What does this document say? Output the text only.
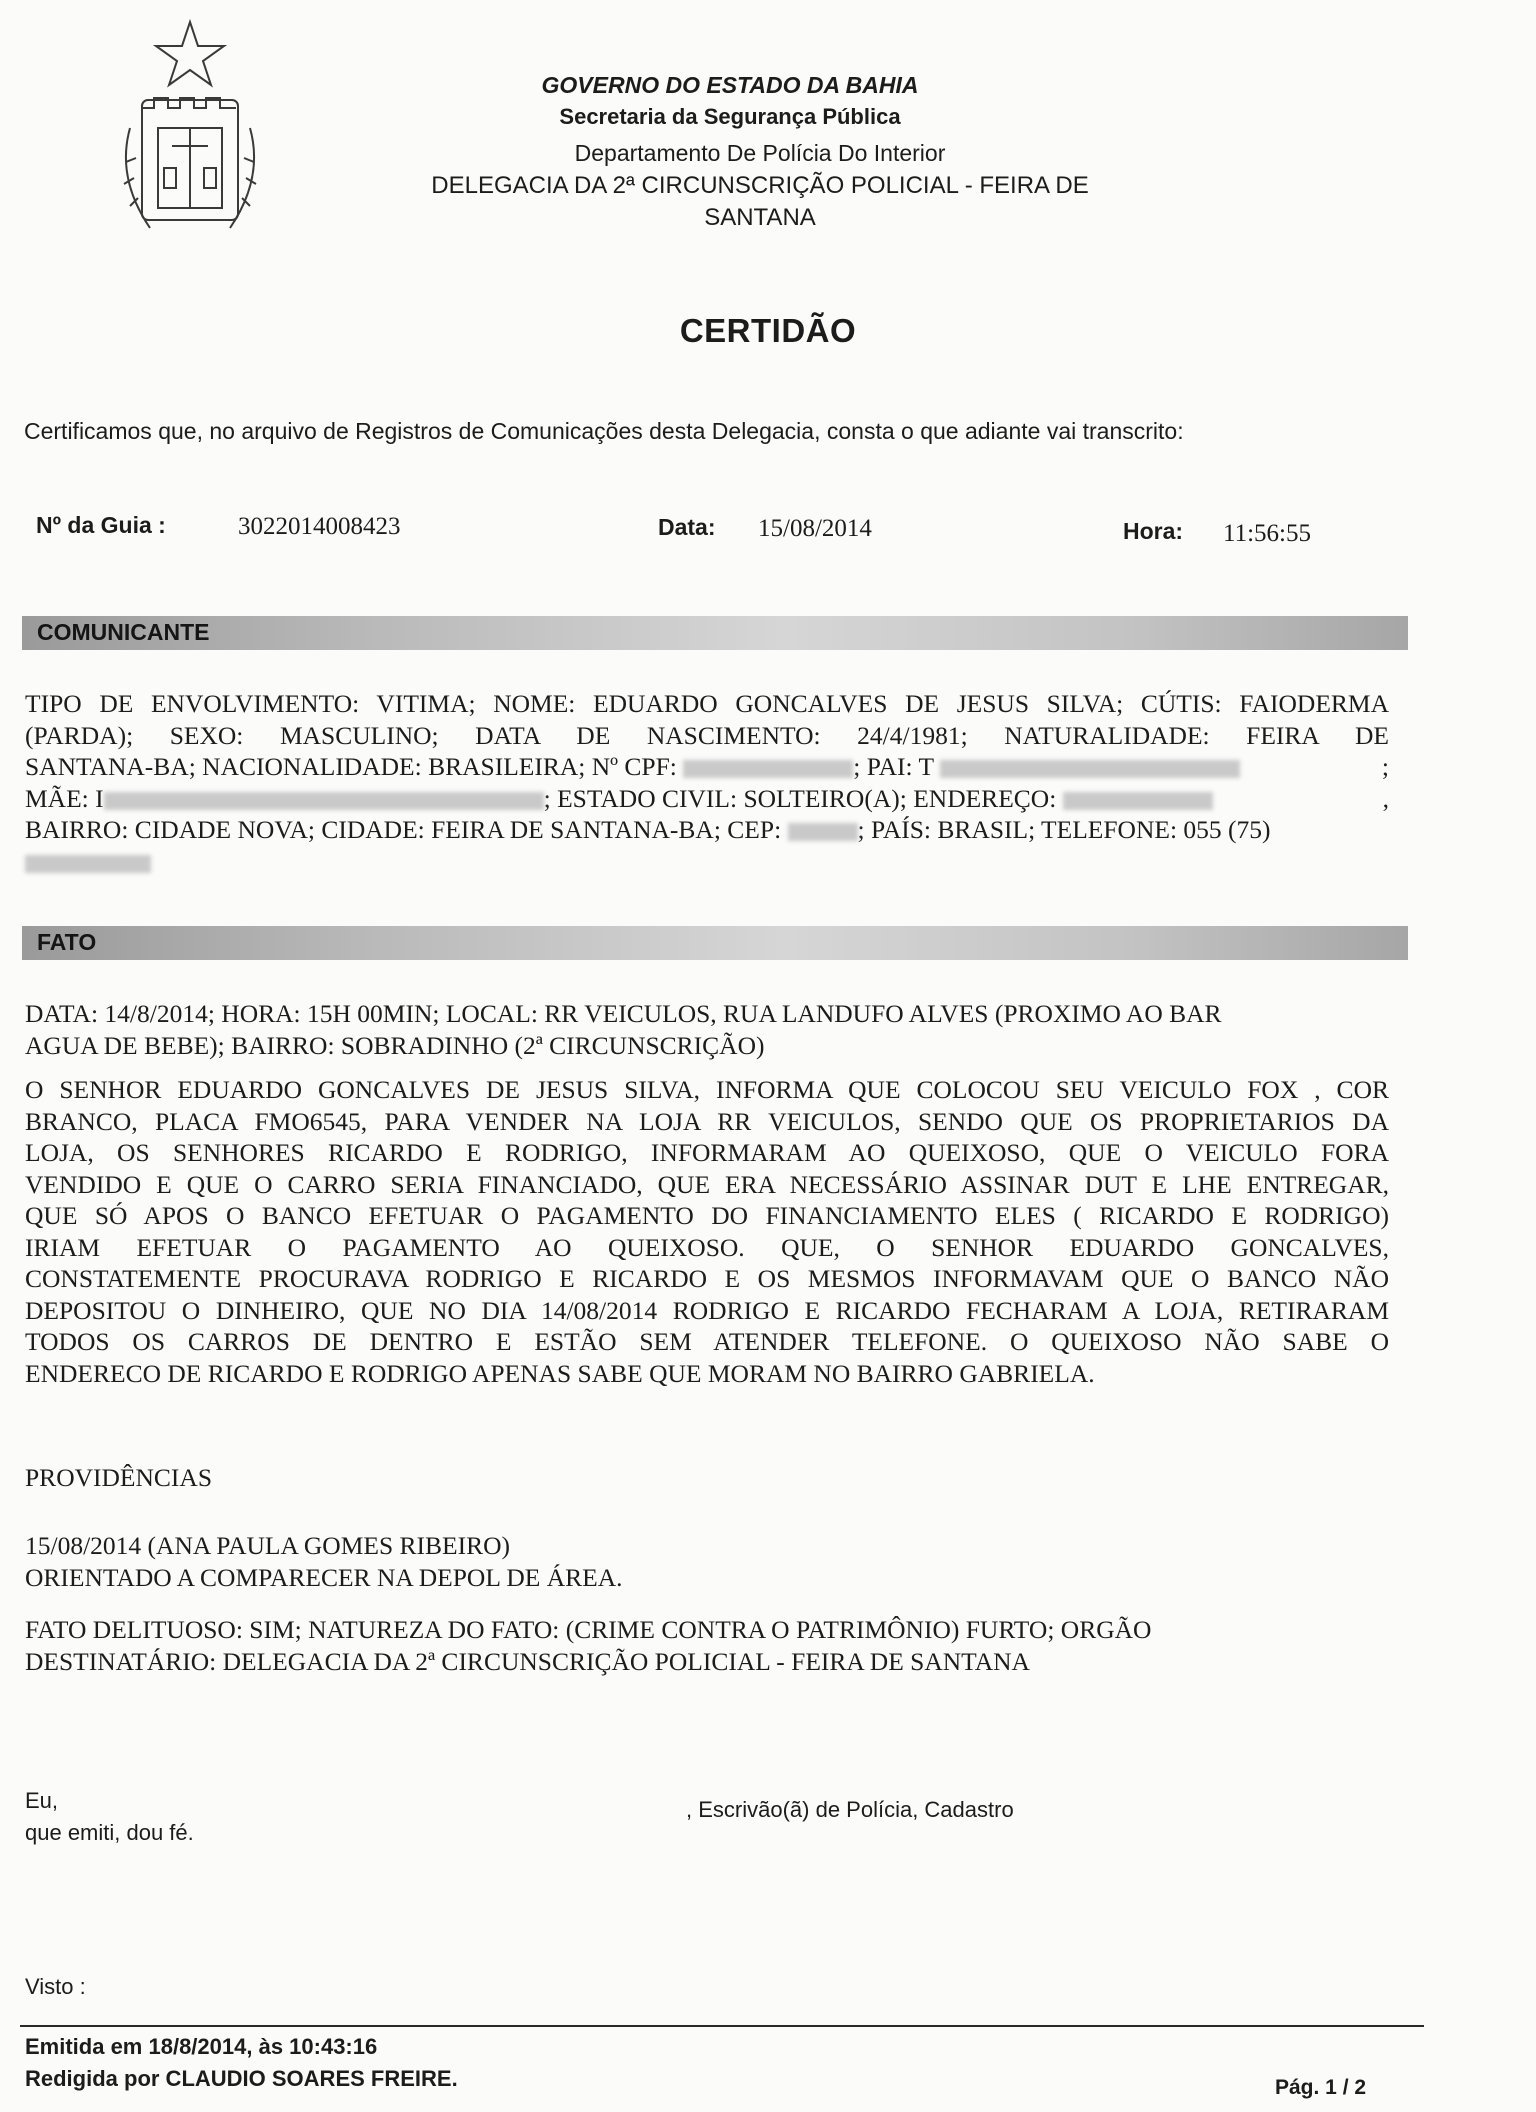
GOVERNO DO ESTADO DA BAHIA
Secretaria da Segurança Pública
Departamento De Polícia Do Interior
DELEGACIA DA 2ª CIRCUNSCRIÇÃO POLICIAL - FEIRA DE
SANTANA
CERTIDÃO
Certificamos que, no arquivo de Registros de Comunicações desta Delegacia, consta o que adiante vai transcrito:
Nº da Guia :	3022014008423	Data: 15/08/2014	Hora: 11:56:55
COMUNICANTE
TIPO DE ENVOLVIMENTO: VITIMA; NOME: EDUARDO GONCALVES DE JESUS SILVA; CÚTIS: FAIODERMA
(PARDA); SEXO: MASCULINO; DATA DE NASCIMENTO: 24/4/1981; NATURALIDADE: FEIRA DE
SANTANA-BA; NACIONALIDADE: BRASILEIRA; Nº CPF:	; PAI: T	;
MÃE: I	; ESTADO CIVIL: SOLTEIRO(A); ENDEREÇO:	,
BAIRRO: CIDADE NOVA; CIDADE: FEIRA DE SANTANA-BA; CEP:	; PAÍS: BRASIL; TELEFONE: 055 (75)
FATO
DATA: 14/8/2014; HORA: 15H 00MIN; LOCAL: RR VEICULOS, RUA LANDUFO ALVES (PROXIMO AO BAR
AGUA DE BEBE); BAIRRO: SOBRADINHO (2ª CIRCUNSCRIÇÃO)
O SENHOR EDUARDO GONCALVES DE JESUS SILVA, INFORMA QUE COLOCOU SEU VEICULO FOX , COR
BRANCO, PLACA FMO6545, PARA VENDER NA LOJA RR VEICULOS, SENDO QUE OS PROPRIETARIOS DA
LOJA, OS SENHORES RICARDO E RODRIGO, INFORMARAM AO QUEIXOSO, QUE O VEICULO FORA
VENDIDO E QUE O CARRO SERIA FINANCIADO, QUE ERA NECESSÁRIO ASSINAR DUT E LHE ENTREGAR,
QUE SÓ APOS O BANCO EFETUAR O PAGAMENTO DO FINANCIAMENTO ELES ( RICARDO E RODRIGO)
IRIAM EFETUAR O PAGAMENTO AO QUEIXOSO. QUE, O SENHOR EDUARDO GONCALVES,
CONSTATEMENTE PROCURAVA RODRIGO E RICARDO E OS MESMOS INFORMAVAM QUE O BANCO NÃO
DEPOSITOU O DINHEIRO, QUE NO DIA 14/08/2014 RODRIGO E RICARDO FECHARAM A LOJA, RETIRARAM
TODOS OS CARROS DE DENTRO E ESTÃO SEM ATENDER TELEFONE. O QUEIXOSO NÃO SABE O
ENDERECO DE RICARDO E RODRIGO APENAS SABE QUE MORAM NO BAIRRO GABRIELA.
PROVIDÊNCIAS
15/08/2014 (ANA PAULA GOMES RIBEIRO)
ORIENTADO A COMPARECER NA DEPOL DE ÁREA.
FATO DELITUOSO: SIM; NATUREZA DO FATO: (CRIME CONTRA O PATRIMÔNIO) FURTO; ORGÃO
DESTINATÁRIO: DELEGACIA DA 2ª CIRCUNSCRIÇÃO POLICIAL - FEIRA DE SANTANA
Eu,
que emiti, dou fé.
, Escrivão(ã) de Polícia, Cadastro
Visto :
Emitida em 18/8/2014, às 10:43:16
Redigida por CLAUDIO SOARES FREIRE.	Pág. 1 / 2
